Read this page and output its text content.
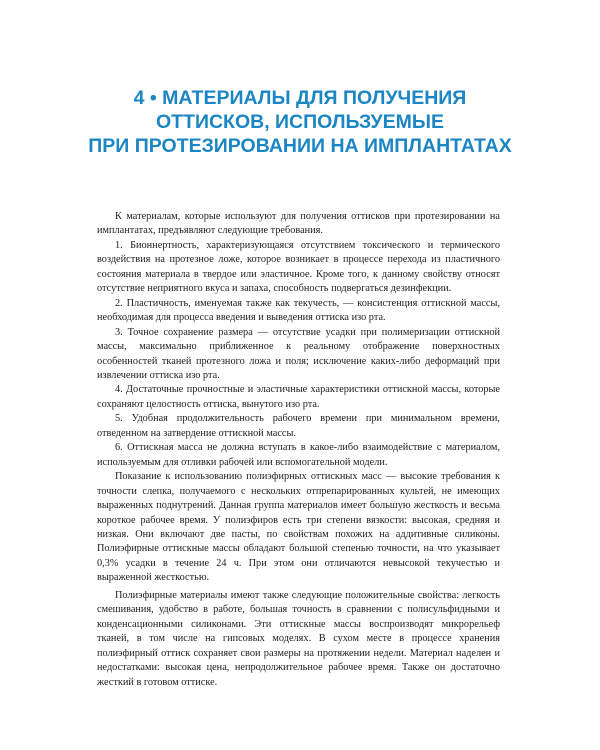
4 • МАТЕРИАЛЫ ДЛЯ ПОЛУЧЕНИЯ
ОТТИСКОВ, ИСПОЛЬЗУЕМЫЕ
ПРИ ПРОТЕЗИРОВАНИИ НА ИМПЛАНТАТАХ

К материалам, которые используют для получения оттисков при протезировании на имплантатах, предъявляют следующие требования.

1. Бионнертность, характеризующаяся отсутствием токсического и термического воздействия на протезное ложе, которое возникает в процессе перехода из пластичного состояния материала в твердое или эластичное. Кроме того, к данному свойству относят отсутствие неприятного вкуса и запаха, способность подвергаться дезинфекции.

2. Пластичность, именуемая также как текучесть, — консистенция оттискной массы, необходимая для процесса введения и выведения оттиска изо рта.

3. Точное сохранение размера — отсутствие усадки при полимеризации оттискной массы, максимально приближенное к реальному отображение поверхностных особенностей тканей протезного ложа и поля; исключение каких-либо деформаций при извлечении оттиска изо рта.

4. Достаточные прочностные и эластичные характеристики оттискной массы, которые сохраняют целостность оттиска, вынутого изо рта.

5. Удобная продолжительность рабочего времени при минимальном времени, отведенном на затвердение оттискной массы.

6. Оттискная масса не должна вступать в какое-либо взаимодействие с материалом, используемым для отливки рабочей или вспомогательной модели.

Показание к использованию полиэфирных оттискных масс — высокие требования к точности слепка, получаемого с нескольких отпрепарированных культей, не имеющих выраженных поднутрений. Данная группа материалов имеет большую жесткость и весьма короткое рабочее время. У полиэфиров есть три степени вязкости: высокая, средняя и низкая. Они включают две пасты, по свойствам похожих на аддитивные силиконы. Полиэфирные оттискные массы обладают большой степенью точности, на что указывает 0,3% усадки в течение 24 ч. При этом они отличаются невысокой текучестью и выраженной жесткостью.

Полиэфирные материалы имеют также следующие положительные свойства: легкость смешивания, удобство в работе, большая точность в сравнении с полисульфидными и конденсационными силиконами. Эти оттискные массы воспроизводят микрорельеф тканей, в том числе на гипсовых моделях. В сухом месте в процессе хранения полиэфирный оттиск сохраняет свои размеры на протяжении недели. Материал наделен и недостатками: высокая цена, непродолжительное рабочее время. Также он достаточно жесткий в готовом оттиске.
